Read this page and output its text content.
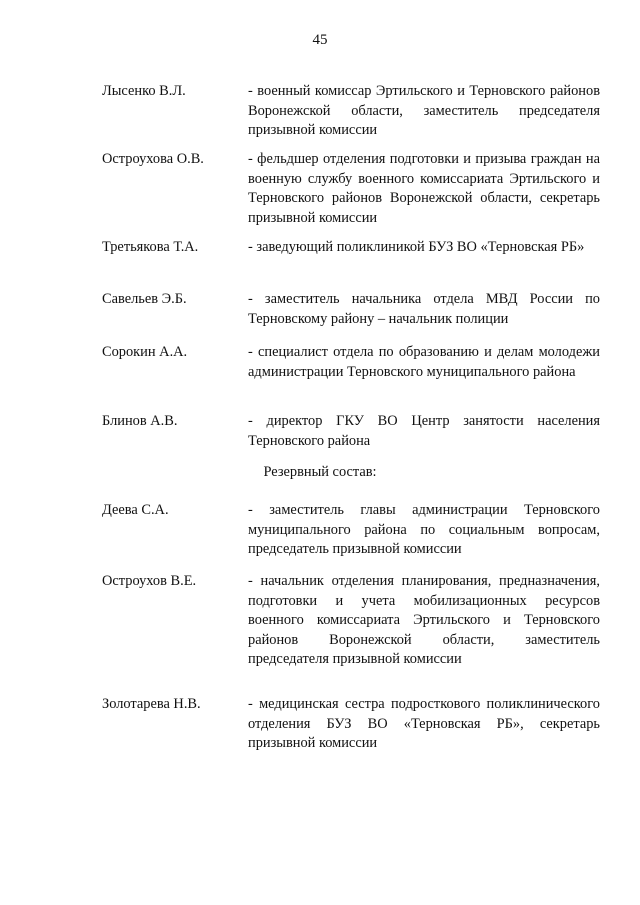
45
Лысенко В.Л.	- военный комиссар Эртильского и Терновского районов Воронежской области, заместитель председателя призывной комиссии
Остроухова О.В.	- фельдшер отделения подготовки и призыва граждан на военную службу военного комиссариата Эртильского и Терновского районов Воронежской области, секретарь призывной комиссии
Третьякова Т.А.	- заведующий поликлиникой БУЗ ВО «Терновская РБ»
Савельев Э.Б.	- заместитель начальника отдела МВД России по Терновскому району – начальник полиции
Сорокин А.А.	- специалист отдела по образованию и делам молодежи администрации Терновского муниципального района
Блинов А.В.	- директор ГКУ ВО Центр занятости населения Терновского района
Резервный состав:
Деева С.А.	- заместитель главы администрации Терновского муниципального района по социальным вопросам, председатель призывной комиссии
Остроухов В.Е.	- начальник отделения планирования, предназначения, подготовки и учета мобилизационных ресурсов военного комиссариата Эртильского и Терновского районов Воронежской области, заместитель председателя призывной комиссии
Золотарева Н.В.	- медицинская сестра подросткового поликлинического отделения БУЗ ВО «Терновская РБ», секретарь призывной комиссии
